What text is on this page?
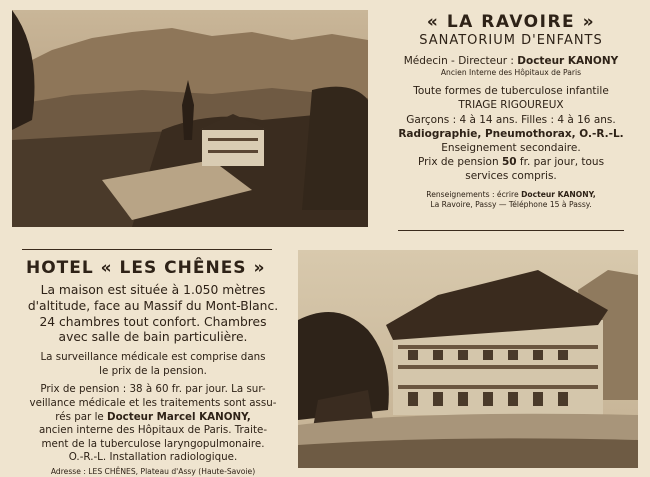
« LA RAVOIRE »
SANATORIUM D'ENFANTS
Médecin - Directeur : Docteur KANONY
Ancien Interne des Hôpitaux de Paris
Toute formes de tuberculose infantile
TRIAGE RIGOUREUX
Garçons : 4 à 14 ans. Filles : 4 à 16 ans.
Radiographie, Pneumothorax, O.-R.-L.
Enseignement secondaire.
Prix de pension 50 fr. par jour, tous
services compris.
Renseignements : écrire Docteur KANONY,
La Ravoire, Passy — Téléphone 15 à Passy.
HOTEL « LES CHÊNES »
La maison est située à 1.050 mètres
d'altitude, face au Massif du Mont-Blanc.
24 chambres tout confort. Chambres
avec salle de bain particulière.
La surveillance médicale est comprise dans
le prix de la pension.
Prix de pension : 38 à 60 fr. par jour. La sur-
veillance médicale et les traitements sont assu-
rés par le Docteur Marcel KANONY,
ancien interne des Hôpitaux de Paris. Traite-
ment de la tuberculose laryngopulmonaire.
O.-R.-L. Installation radiologique.
Adresse : LES CHÊNES, Plateau d'Assy (Haute-Savoie)
